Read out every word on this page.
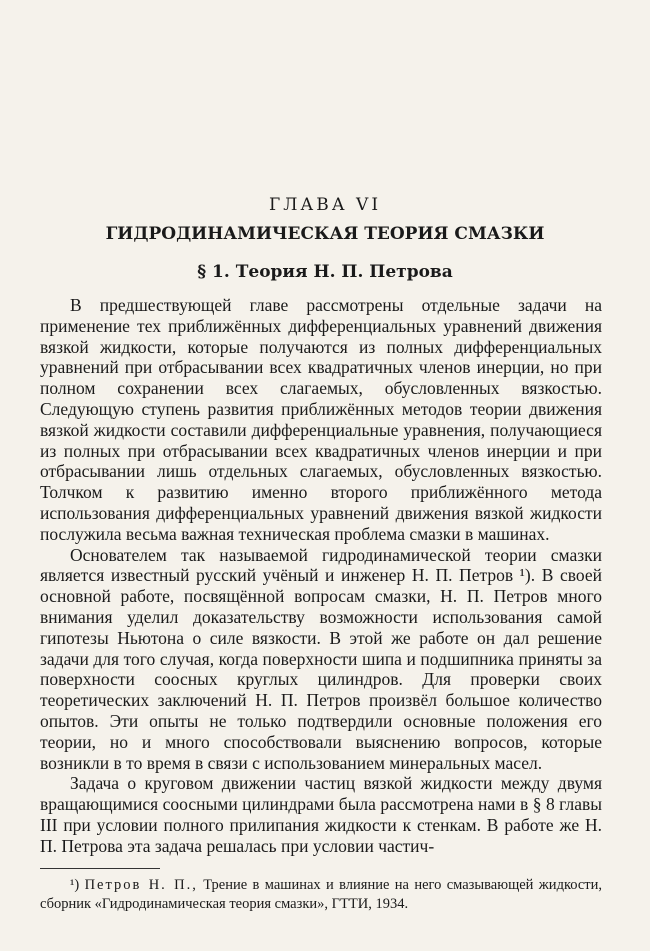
ГЛАВА VI
ГИДРОДИНАМИЧЕСКАЯ ТЕОРИЯ СМАЗКИ
§ 1. Теория Н. П. Петрова

В предшествующей главе рассмотрены отдельные задачи на применение тех приближённых дифференциальных уравнений движения вязкой жидкости, которые получаются из полных дифференциальных уравнений при отбрасывании всех квадратичных членов инерции, но при полном сохранении всех слагаемых, обусловленных вязкостью. Следующую ступень развития приближённых методов теории движения вязкой жидкости составили дифференциальные уравнения, получающиеся из полных при отбрасывании всех квадратичных членов инерции и при отбрасывании лишь отдельных слагаемых, обусловленных вязкостью. Толчком к развитию именно второго приближённого метода использования дифференциальных уравнений движения вязкой жидкости послужила весьма важная техническая проблема смазки в машинах.

Основателем так называемой гидродинамической теории смазки является известный русский учёный и инженер Н. П. Петров ¹). В своей основной работе, посвящённой вопросам смазки, Н. П. Петров много внимания уделил доказательству возможности использования самой гипотезы Ньютона о силе вязкости. В этой же работе он дал решение задачи для того случая, когда поверхности шипа и подшипника приняты за поверхности соосных круглых цилиндров. Для проверки своих теоретических заключений Н. П. Петров произвёл большое количество опытов. Эти опыты не только подтвердили основные положения его теории, но и много способствовали выяснению вопросов, которые возникли в то время в связи с использованием минеральных масел.

Задача о круговом движении частиц вязкой жидкости между двумя вращающимися соосными цилиндрами была рассмотрена нами в § 8 главы III при условии полного прилипания жидкости к стенкам. В работе же Н. П. Петрова эта задача решалась при условии частич-

¹) Петров Н. П., Трение в машинах и влияние на него смазывающей жидкости, сборник «Гидродинамическая теория смазки», ГТТИ, 1934.
